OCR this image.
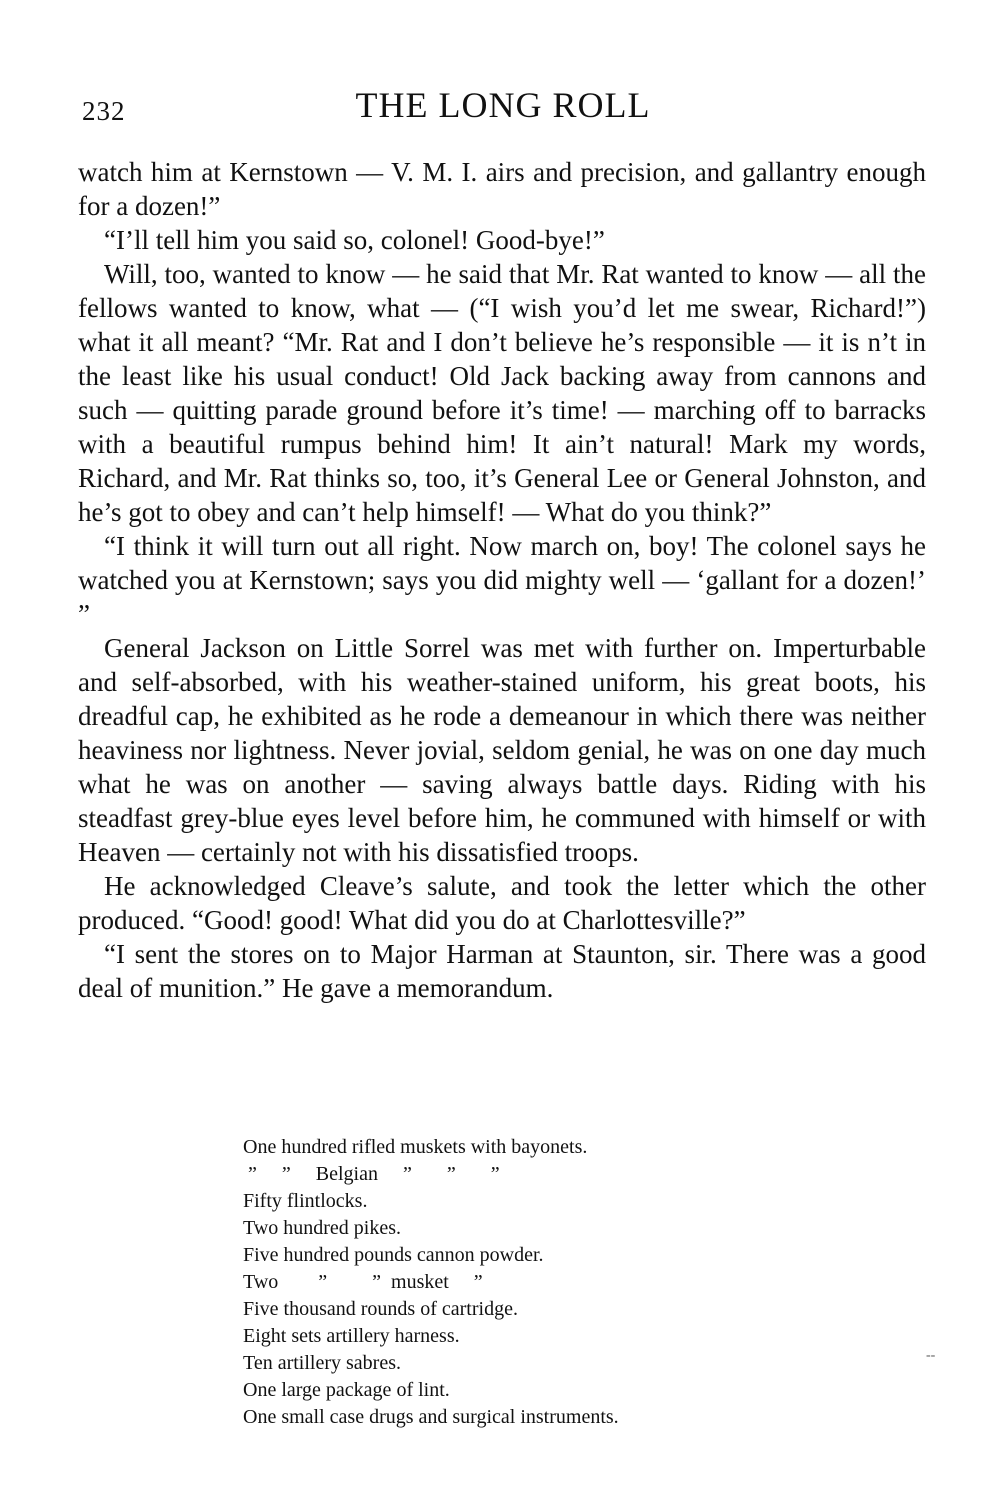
232	THE LONG ROLL

watch him at Kernstown — V. M. I. airs and precision, and gallantry enough for a dozen!”

“I’ll tell him you said so, colonel! Good-bye!”

Will, too, wanted to know — he said that Mr. Rat wanted to know — all the fellows wanted to know, what — (“I wish you’d let me swear, Richard!”) what it all meant? “Mr. Rat and I don’t believe he’s responsible — it is n’t in the least like his usual conduct! Old Jack backing away from cannons and such — quitting parade ground before it’s time! — marching off to barracks with a beautiful rumpus behind him! It ain’t natural! Mark my words, Richard, and Mr. Rat thinks so, too, it’s General Lee or General Johnston, and he’s got to obey and can’t help himself! — What do you think?”

“I think it will turn out all right. Now march on, boy! The colonel says he watched you at Kernstown; says you did mighty well — ‘gallant for a dozen!’ ”

General Jackson on Little Sorrel was met with further on. Imperturbable and self-absorbed, with his weather-stained uniform, his great boots, his dreadful cap, he exhibited as he rode a demeanour in which there was neither heaviness nor lightness. Never jovial, seldom genial, he was on one day much what he was on another — saving always battle days. Riding with his steadfast grey-blue eyes level before him, he communed with himself or with Heaven — certainly not with his dissatisfied troops.

He acknowledged Cleave’s salute, and took the letter which the other produced. “Good! good! What did you do at Charlottesville?”

“I sent the stores on to Major Harman at Staunton, sir. There was a good deal of munition.” He gave a memorandum.

One hundred rifled muskets with bayonets.
”     ”     Belgian     ”       ”       ”
Fifty flintlocks.
Two hundred pikes.
Five hundred pounds cannon powder.
Two        ”         ”  musket     ”
Five thousand rounds of cartridge.
Eight sets artillery harness.
Ten artillery sabres.
One large package of lint.
One small case drugs and surgical instruments.
--
